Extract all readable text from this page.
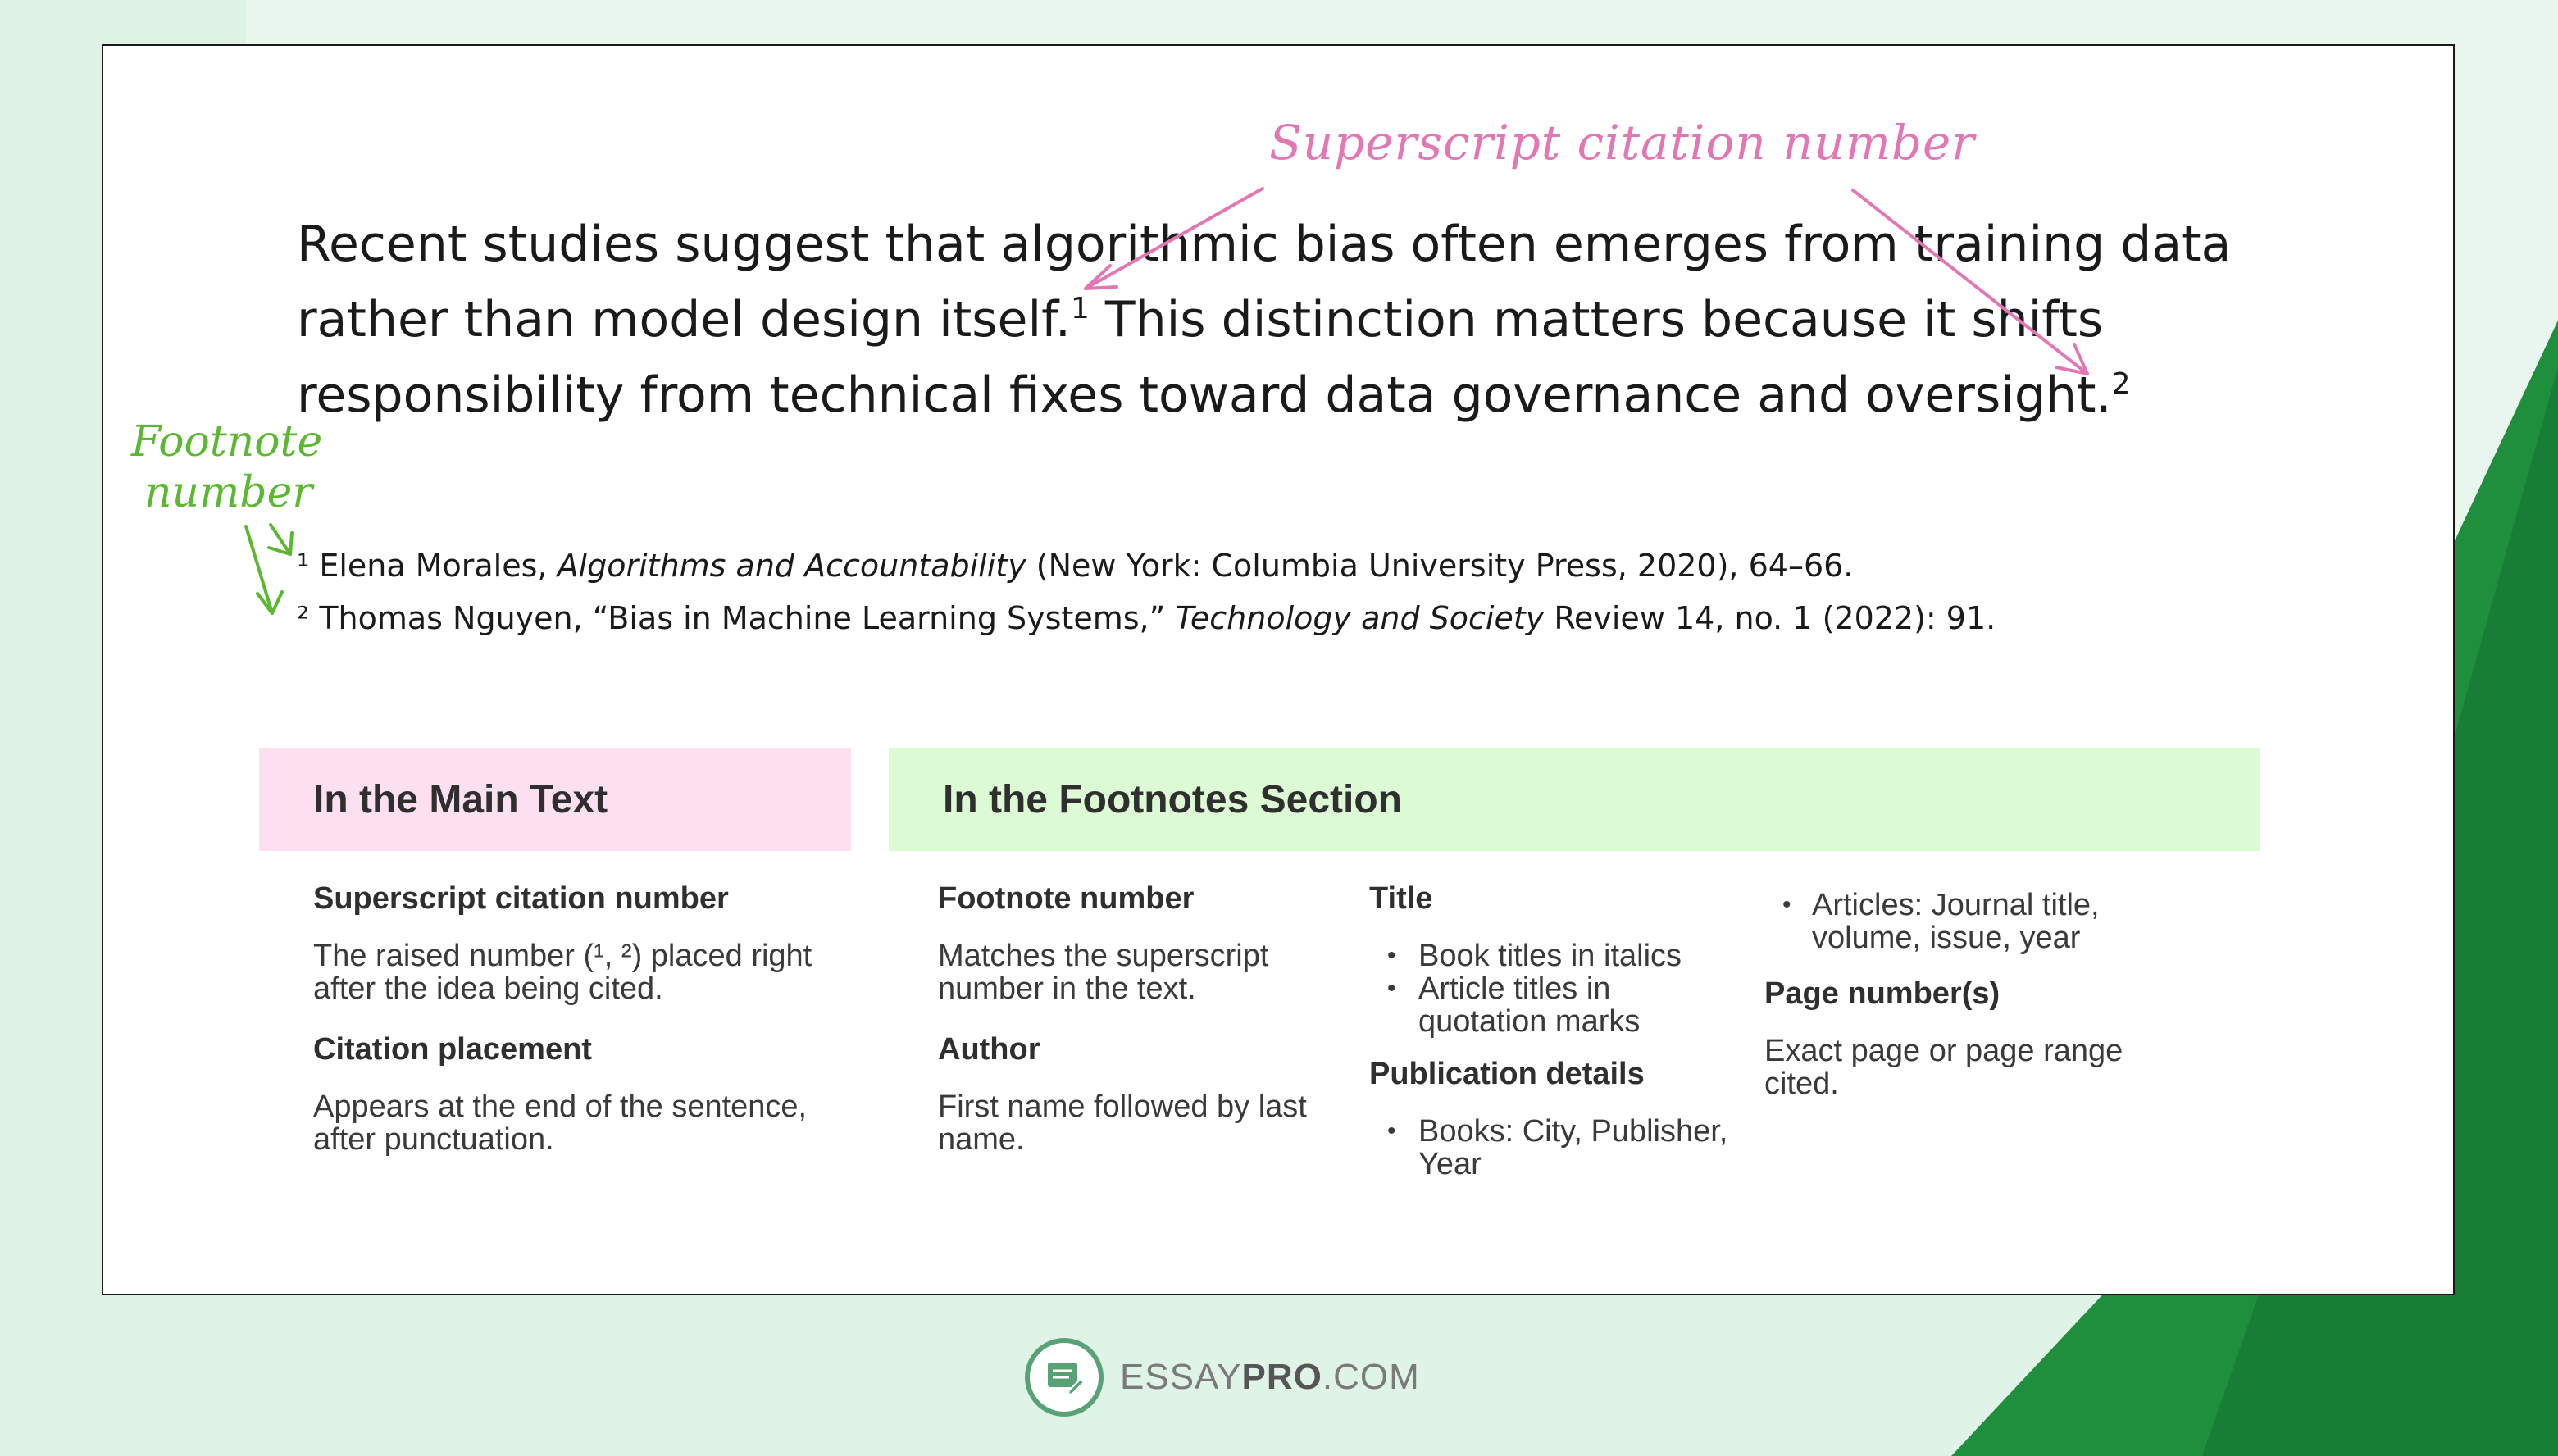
Recent studies suggest that algorithmic bias often emerges from training data rather than model design itself.$^1$ This distinction matters because it shifts responsibility from technical fixes toward data governance and oversight.$^2$
Superscript citation number
Footnote
number
¹ Elena Morales, Algorithms and Accountability (New York: Columbia University Press, 2020), 64–66.
² Thomas Nguyen, “Bias in Machine Learning Systems,” Technology and Society Review 14, no. 1 (2022): 91.
In the Main Text	In the Footnotes Section
Superscript citation number
The raised number (¹, ²) placed right after the idea being cited.
Citation placement
Appears at the end of the sentence, after punctuation.
Footnote number
Matches the superscript number in the text.
Author
First name followed by last name.
Title
• Book titles in italics
• Article titles in quotation marks
Publication details
• Books: City, Publisher, Year
• Articles: Journal title, volume, issue, year
Page number(s)
Exact page or page range cited.
ESSAYPRO.COM
